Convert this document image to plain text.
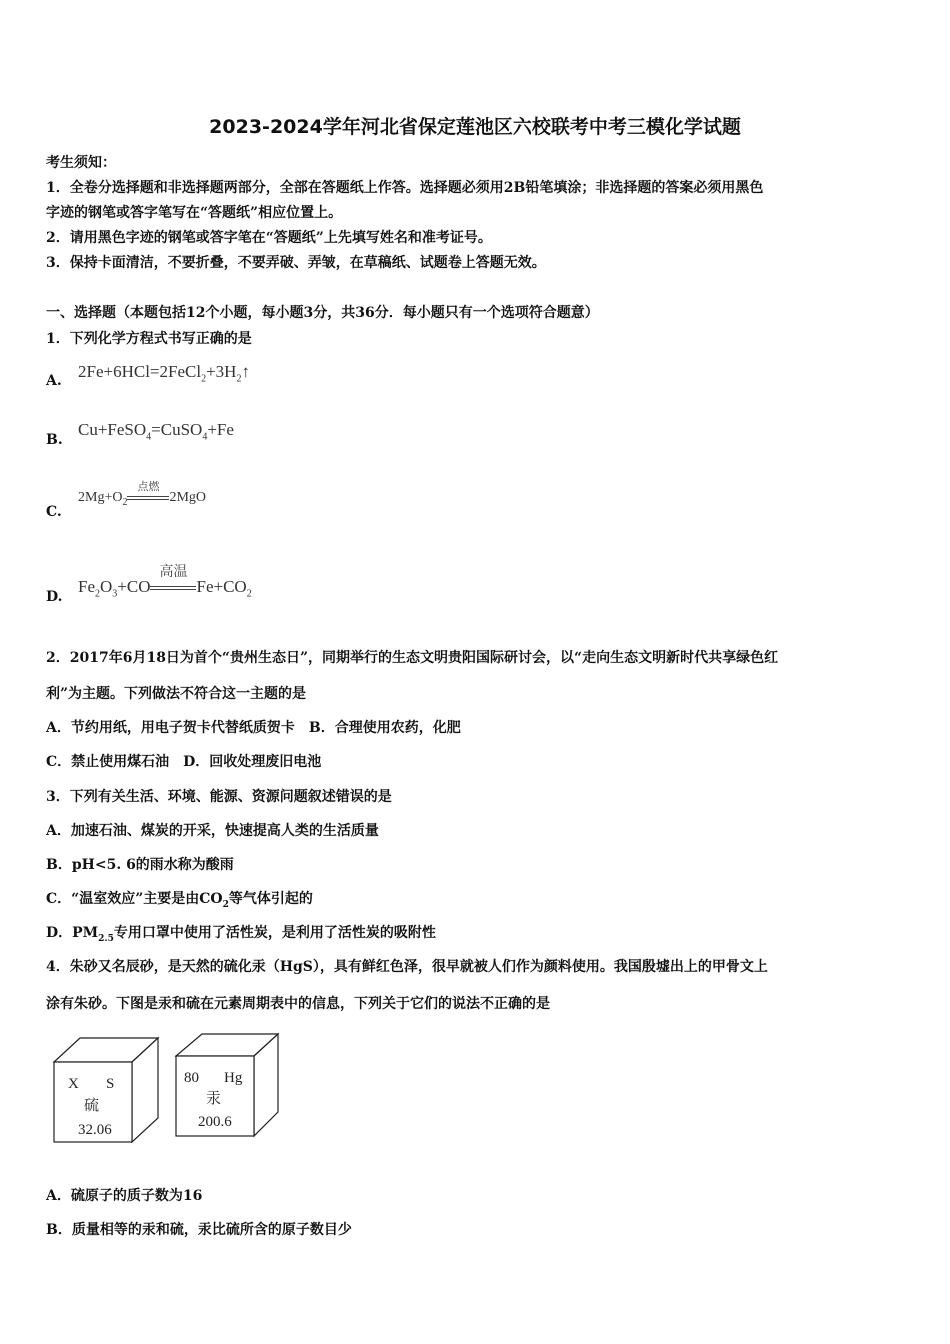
2023-2024学年河北省保定莲池区六校联考中考三模化学试题
考生须知：
1．全卷分选择题和非选择题两部分，全部在答题纸上作答。选择题必须用2B铅笔填涂；非选择题的答案必须用黑色
字迹的钢笔或答字笔写在“答题纸”相应位置上。
2．请用黑色字迹的钢笔或答字笔在“答题纸”上先填写姓名和准考证号。
3．保持卡面清洁，不要折叠，不要弄破、弄皱，在草稿纸、试题卷上答题无效。
一、选择题（本题包括12个小题，每小题3分，共36分．每小题只有一个选项符合题意）
1．下列化学方程式书写正确的是
A. $2Fe+6HCl=2FeCl_2+3H_2↑$
B.
Cu+FeSO$_4$=CuSO$_4$+Fe
C.
$2Mg+O_2$
点燃
2MgO
D.
$Fe_2O_3+CO$
高温
$Fe+CO_2$
2．2017年6月18日为首个“贵州生态日”，同期举行的生态文明贵阳国际研讨会，以“走向生态文明新时代共享绿色红
利”为主题。下列做法不符合这一主题的是
A．节约用纸，用电子贺卡代替纸质贺卡　B．合理使用农药，化肥
C．禁止使用煤石油　D．回收处理废旧电池
3．下列有关生活、环境、能源、资源问题叙述错误的是
A．加速石油、煤炭的开采，快速提高人类的生活质量
B．pH<5. 6的雨水称为酸雨
C．“温室效应”主要是由$CO_2$等气体引起的
D．$PM_{2.5}$专用口罩中使用了活性炭，是利用了活性炭的吸附性
4．朱砂又名辰砂，是天然的硫化汞（HgS），具有鲜红色泽，很早就被人们作为颜料使用。我国殷墟出上的甲骨文上
涂有朱砂。下图是汞和硫在元素周期表中的信息，下列关于它们的说法不正确的是
X S
硫
32.06
80 Hg
汞
200.6
A．硫原子的质子数为16
B．质量相等的汞和硫，汞比硫所含的原子数目少
